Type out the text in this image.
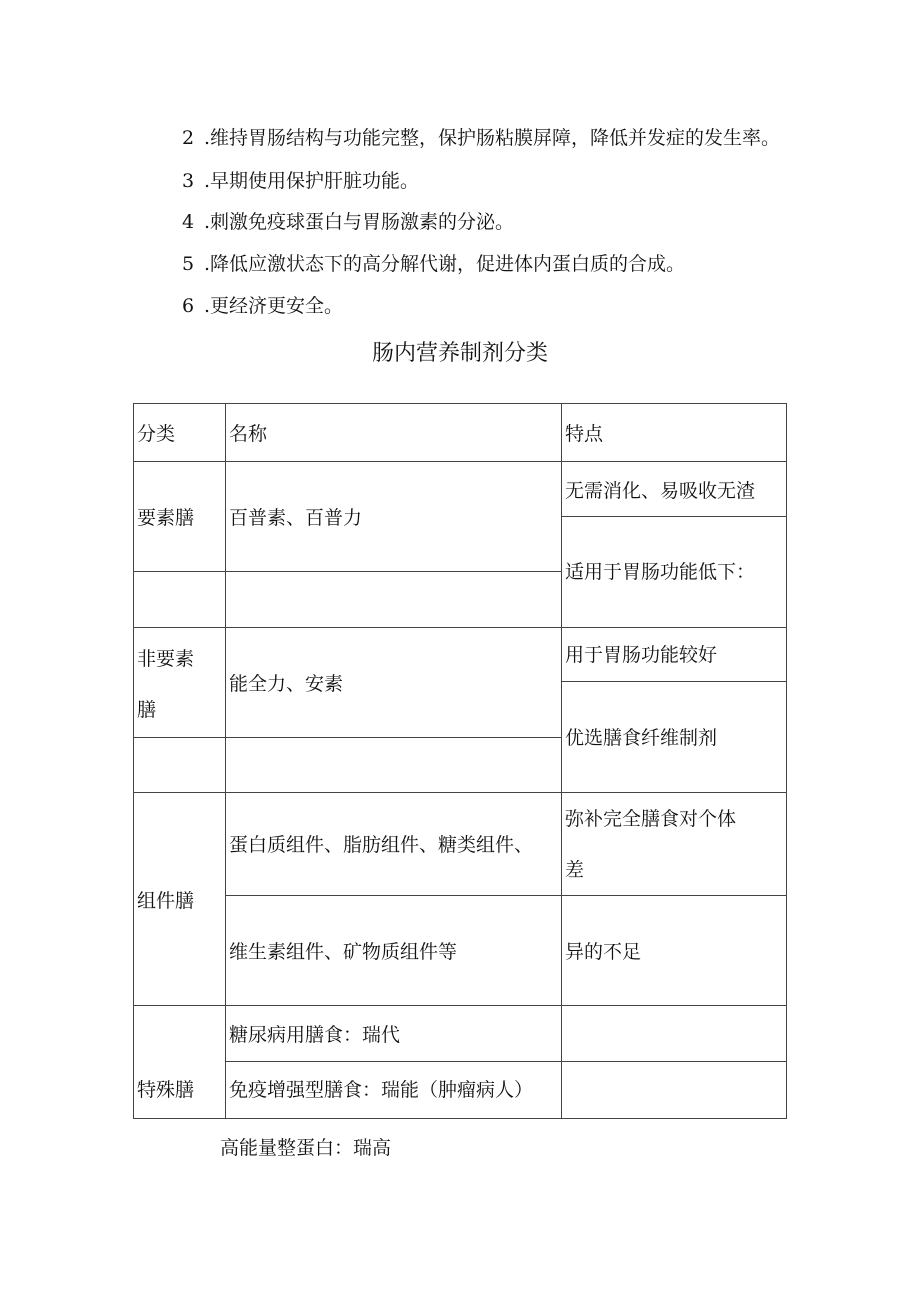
2 .维持胃肠结构与功能完整，保护肠粘膜屏障，降低并发症的发生率。
3 .早期使用保护肝脏功能。
4 .刺激免疫球蛋白与胃肠激素的分泌。
5 .降低应激状态下的高分解代谢，促进体内蛋白质的合成。
6 .更经济更安全。
肠内营养制剂分类
分类	名称	特点
要素膳
非要素
膳
组件膳
特殊膳
百普素、百普力
能全力、安素
蛋白质组件、脂肪组件、糖类组件、
维生素组件、矿物质组件等
糖尿病用膳食：瑞代
免疫增强型膳食：瑞能（肿瘤病人）
无需消化、易吸收无渣
适用于胃肠功能低下：
用于胃肠功能较好
优选膳食纤维制剂
弥补完全膳食对个体
差
异的不足
高能量整蛋白：瑞高
